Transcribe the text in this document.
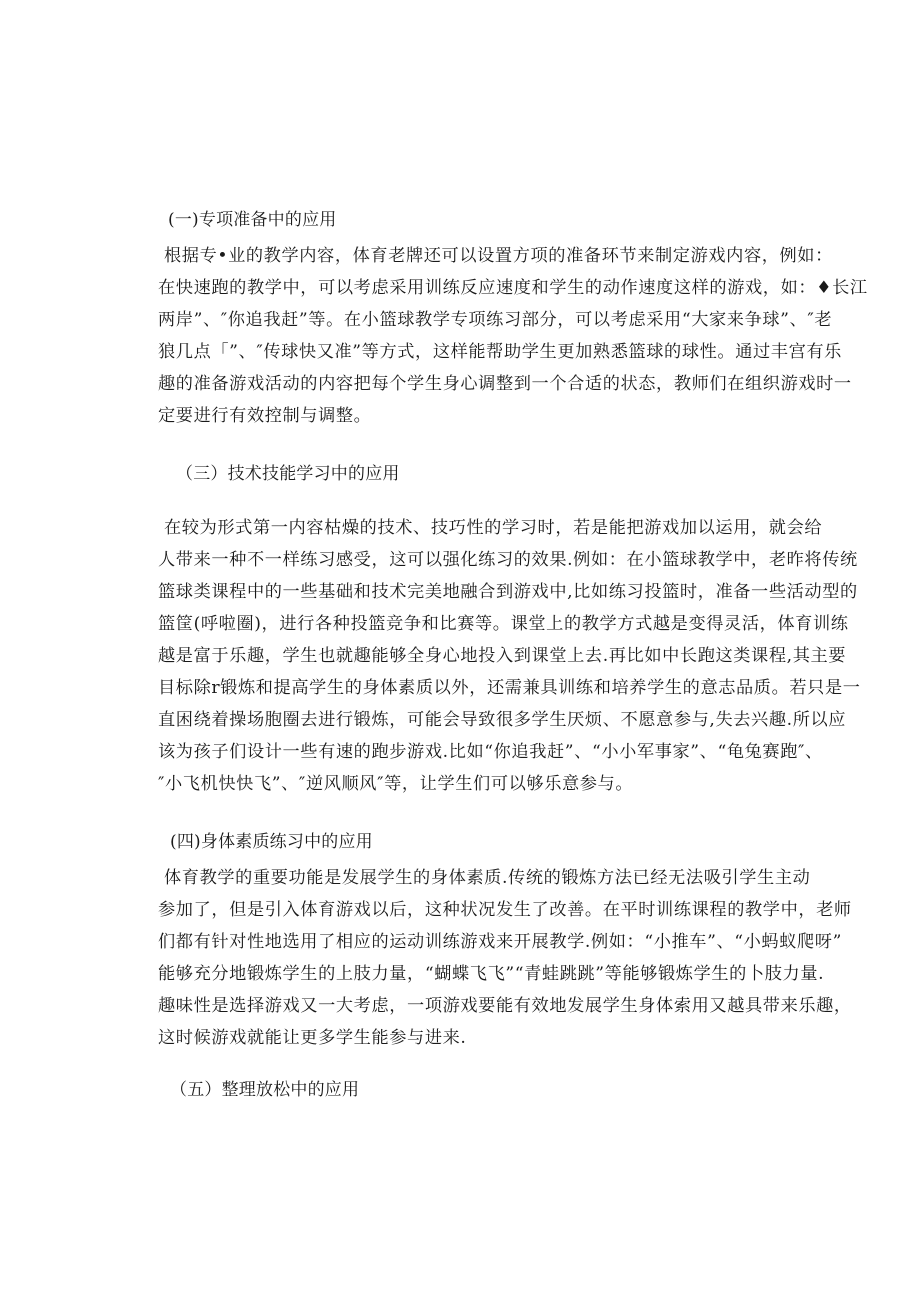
(一)专项准备中的应用
根据专•业的教学内容，体育老牌还可以设置方项的准备环节来制定游戏内容，例如：
在快速跑的教学中，可以考虑采用训练反应速度和学生的动作速度这样的游戏，如：♦长江
两岸”、″你追我赶”等。在小篮球教学专项练习部分，可以考虑采用“大家来争球”、″老
狼几点「”、″传球快又准”等方式，这样能帮助学生更加熟悉篮球的球性。通过丰宫有乐
趣的准备游戏活动的内容把每个学生身心调整到一个合适的状态，教师们在组织游戏时一
定要进行有效控制与调整。
（三）技术技能学习中的应用
在较为形式第一内容枯燥的技术、技巧性的学习时，若是能把游戏加以运用，就会给
人带来一种不一样练习感受，这可以强化练习的效果.例如：在小篮球教学中，老昨将传统
篮球类课程中的一些基础和技术完美地融合到游戏中,比如练习投篮时，准备一些活动型的
篮筐(呼啦圈)，进行各种投篮竞争和比赛等。课堂上的教学方式越是变得灵活，体育训练
越是富于乐趣，学生也就趣能够全身心地投入到课堂上去.再比如中长跑这类课程,其主要
目标除r锻炼和提高学生的身体素质以外，还需兼具训练和培养学生的意志品质。若只是一
直困绕着操场胞圈去进行锻炼，可能会导致很多学生厌烦、不愿意参与,失去兴趣.所以应
该为孩子们设计一些有速的跑步游戏.比如“你追我赶”、“小小军事家”、“龟兔赛跑″、
″小飞机快快飞”、″逆风顺风″等，让学生们可以够乐意参与。
(四)身体素质练习中的应用
体育教学的重要功能是发展学生的身体素质.传统的锻炼方法已经无法吸引学生主动
参加了，但是引入体育游戏以后，这种状况发生了改善。在平时训练课程的教学中，老师
们都有针对性地选用了相应的运动训练游戏来开展教学.例如：“小推车”、“小蚂蚁爬呀”
能够充分地锻炼学生的上肢力量，“蝴蝶飞飞”“青蛙跳跳”等能够锻炼学生的卜肢力量.
趣味性是选择游戏又一大考虑，一项游戏要能有效地发展学生身体索用又越具带来乐趣，
这时候游戏就能让更多学生能参与进来.
（五）整理放松中的应用
